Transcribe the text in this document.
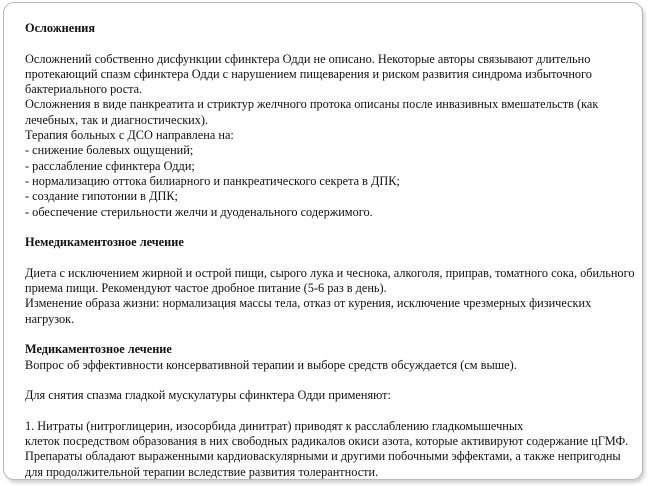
Осложнения

Осложнений собственно дисфункции сфинктера Одди не описано. Некоторые авторы связывают длительно протекающий спазм сфинктера Одди с нарушением пищеварения и риском развития синдрома избыточного бактериального роста.

Осложнения в виде панкреатита и стриктур желчного протока описаны после инвазивных вмешательств (как лечебных, так и диагностических).

Терапия больных с ДСО направлена на:

- снижение болевых ощущений;

- расслабление сфинктера Одди;

- нормализацию оттока билиарного и панкреатического секрета в ДПК;

- создание гипотонии в ДПК;

- обеспечение стерильности желчи и дуоденального содержимого.

Немедикаментозное лечение

Диета с исключением жирной и острой пищи, сырого лука и чеснока, алкоголя, приправ, томатного сока, обильного приема пищи. Рекомендуют частое дробное питание (5-6 раз в день).

Изменение образа жизни: нормализация массы тела, отказ от курения, исключение чрезмерных физических нагрузок.

Медикаментозное лечение

Вопрос об эффективности консервативной терапии и выборе средств обсуждается (см выше).

Для снятия спазма гладкой мускулатуры сфинктера Одди применяют:

1. Нитраты (нитроглицерин, изосорбида динитрат) приводят к расслаблению гладкомышечных

клеток посредством образования в них свободных радикалов окиси азота, которые активируют содержание цГМФ. Препараты обладают выраженными кардиоваскулярными и другими побочными эффектами, а также непригодны для продолжительной терапии вследствие развития толерантности.
